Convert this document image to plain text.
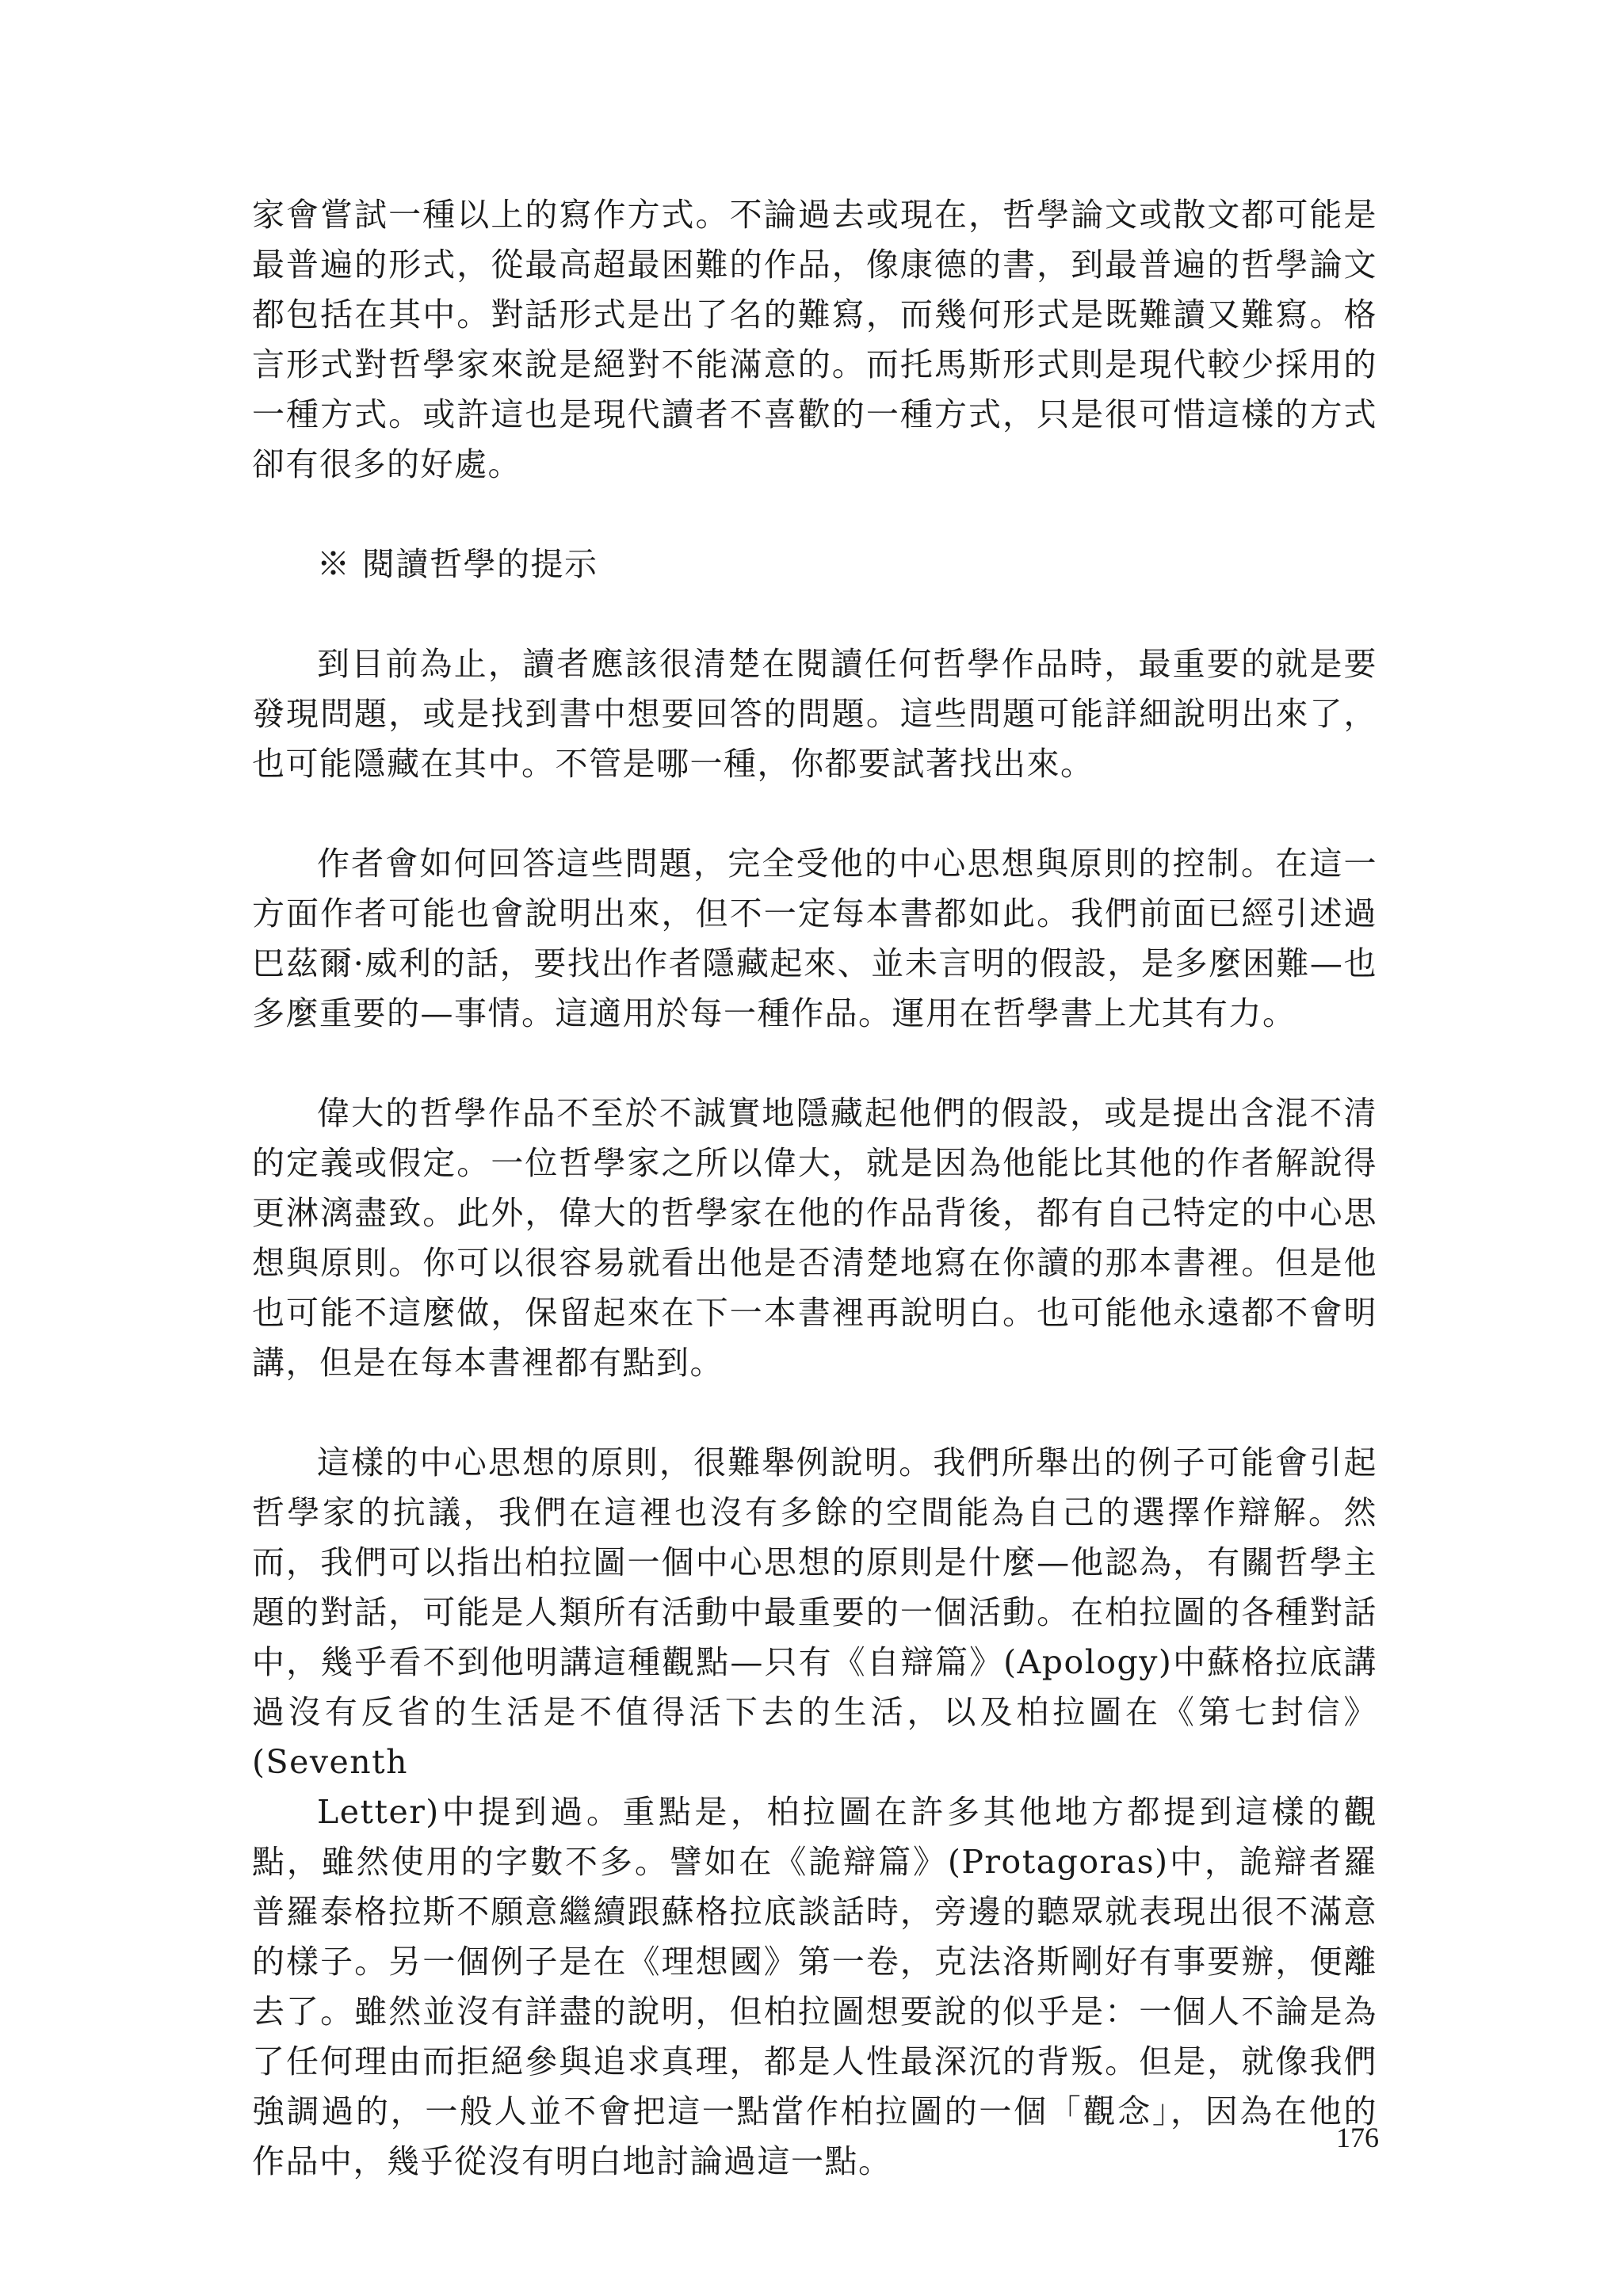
家會嘗試一種以上的寫作方式。不論過去或現在，哲學論文或散文都可能是最普遍的形式，從最高超最困難的作品，像康德的書，到最普遍的哲學論文都包括在其中。對話形式是出了名的難寫，而幾何形式是既難讀又難寫。格言形式對哲學家來說是絕對不能滿意的。而托馬斯形式則是現代較少採用的一種方式。或許這也是現代讀者不喜歡的一種方式，只是很可惜這樣的方式卻有很多的好處。

※ 閱讀哲學的提示

到目前為止，讀者應該很清楚在閱讀任何哲學作品時，最重要的就是要發現問題，或是找到書中想要回答的問題。這些問題可能詳細說明出來了，也可能隱藏在其中。不管是哪一種，你都要試著找出來。

作者會如何回答這些問題，完全受他的中心思想與原則的控制。在這一方面作者可能也會說明出來，但不一定每本書都如此。我們前面已經引述過巴茲爾·威利的話，要找出作者隱藏起來、並未言明的假設，是多麼困難—也多麼重要的—事情。這適用於每一種作品。運用在哲學書上尤其有力。

偉大的哲學作品不至於不誠實地隱藏起他們的假設，或是提出含混不清的定義或假定。一位哲學家之所以偉大，就是因為他能比其他的作者解說得更淋漓盡致。此外，偉大的哲學家在他的作品背後，都有自己特定的中心思想與原則。你可以很容易就看出他是否清楚地寫在你讀的那本書裡。但是他也可能不這麼做，保留起來在下一本書裡再說明白。也可能他永遠都不會明講，但是在每本書裡都有點到。

這樣的中心思想的原則，很難舉例說明。我們所舉出的例子可能會引起哲學家的抗議，我們在這裡也沒有多餘的空間能為自己的選擇作辯解。然而，我們可以指出柏拉圖一個中心思想的原則是什麼—他認為，有關哲學主題的對話，可能是人類所有活動中最重要的一個活動。在柏拉圖的各種對話中，幾乎看不到他明講這種觀點—只有《自辯篇》(Apology)中蘇格拉底講過沒有反省的生活是不值得活下去的生活，以及柏拉圖在《第七封信》(Seventh

Letter)中提到過。重點是，柏拉圖在許多其他地方都提到這樣的觀點，雖然使用的字數不多。譬如在《詭辯篇》(Protagoras)中，詭辯者羅普羅泰格拉斯不願意繼續跟蘇格拉底談話時，旁邊的聽眾就表現出很不滿意的樣子。另一個例子是在《理想國》第一卷，克法洛斯剛好有事要辦，便離去了。雖然並沒有詳盡的說明，但柏拉圖想要說的似乎是：一個人不論是為了任何理由而拒絕參與追求真理，都是人性最深沉的背叛。但是，就像我們強調過的，一般人並不會把這一點當作柏拉圖的一個「觀念」，因為在他的作品中，幾乎從沒有明白地討論過這一點。

176
